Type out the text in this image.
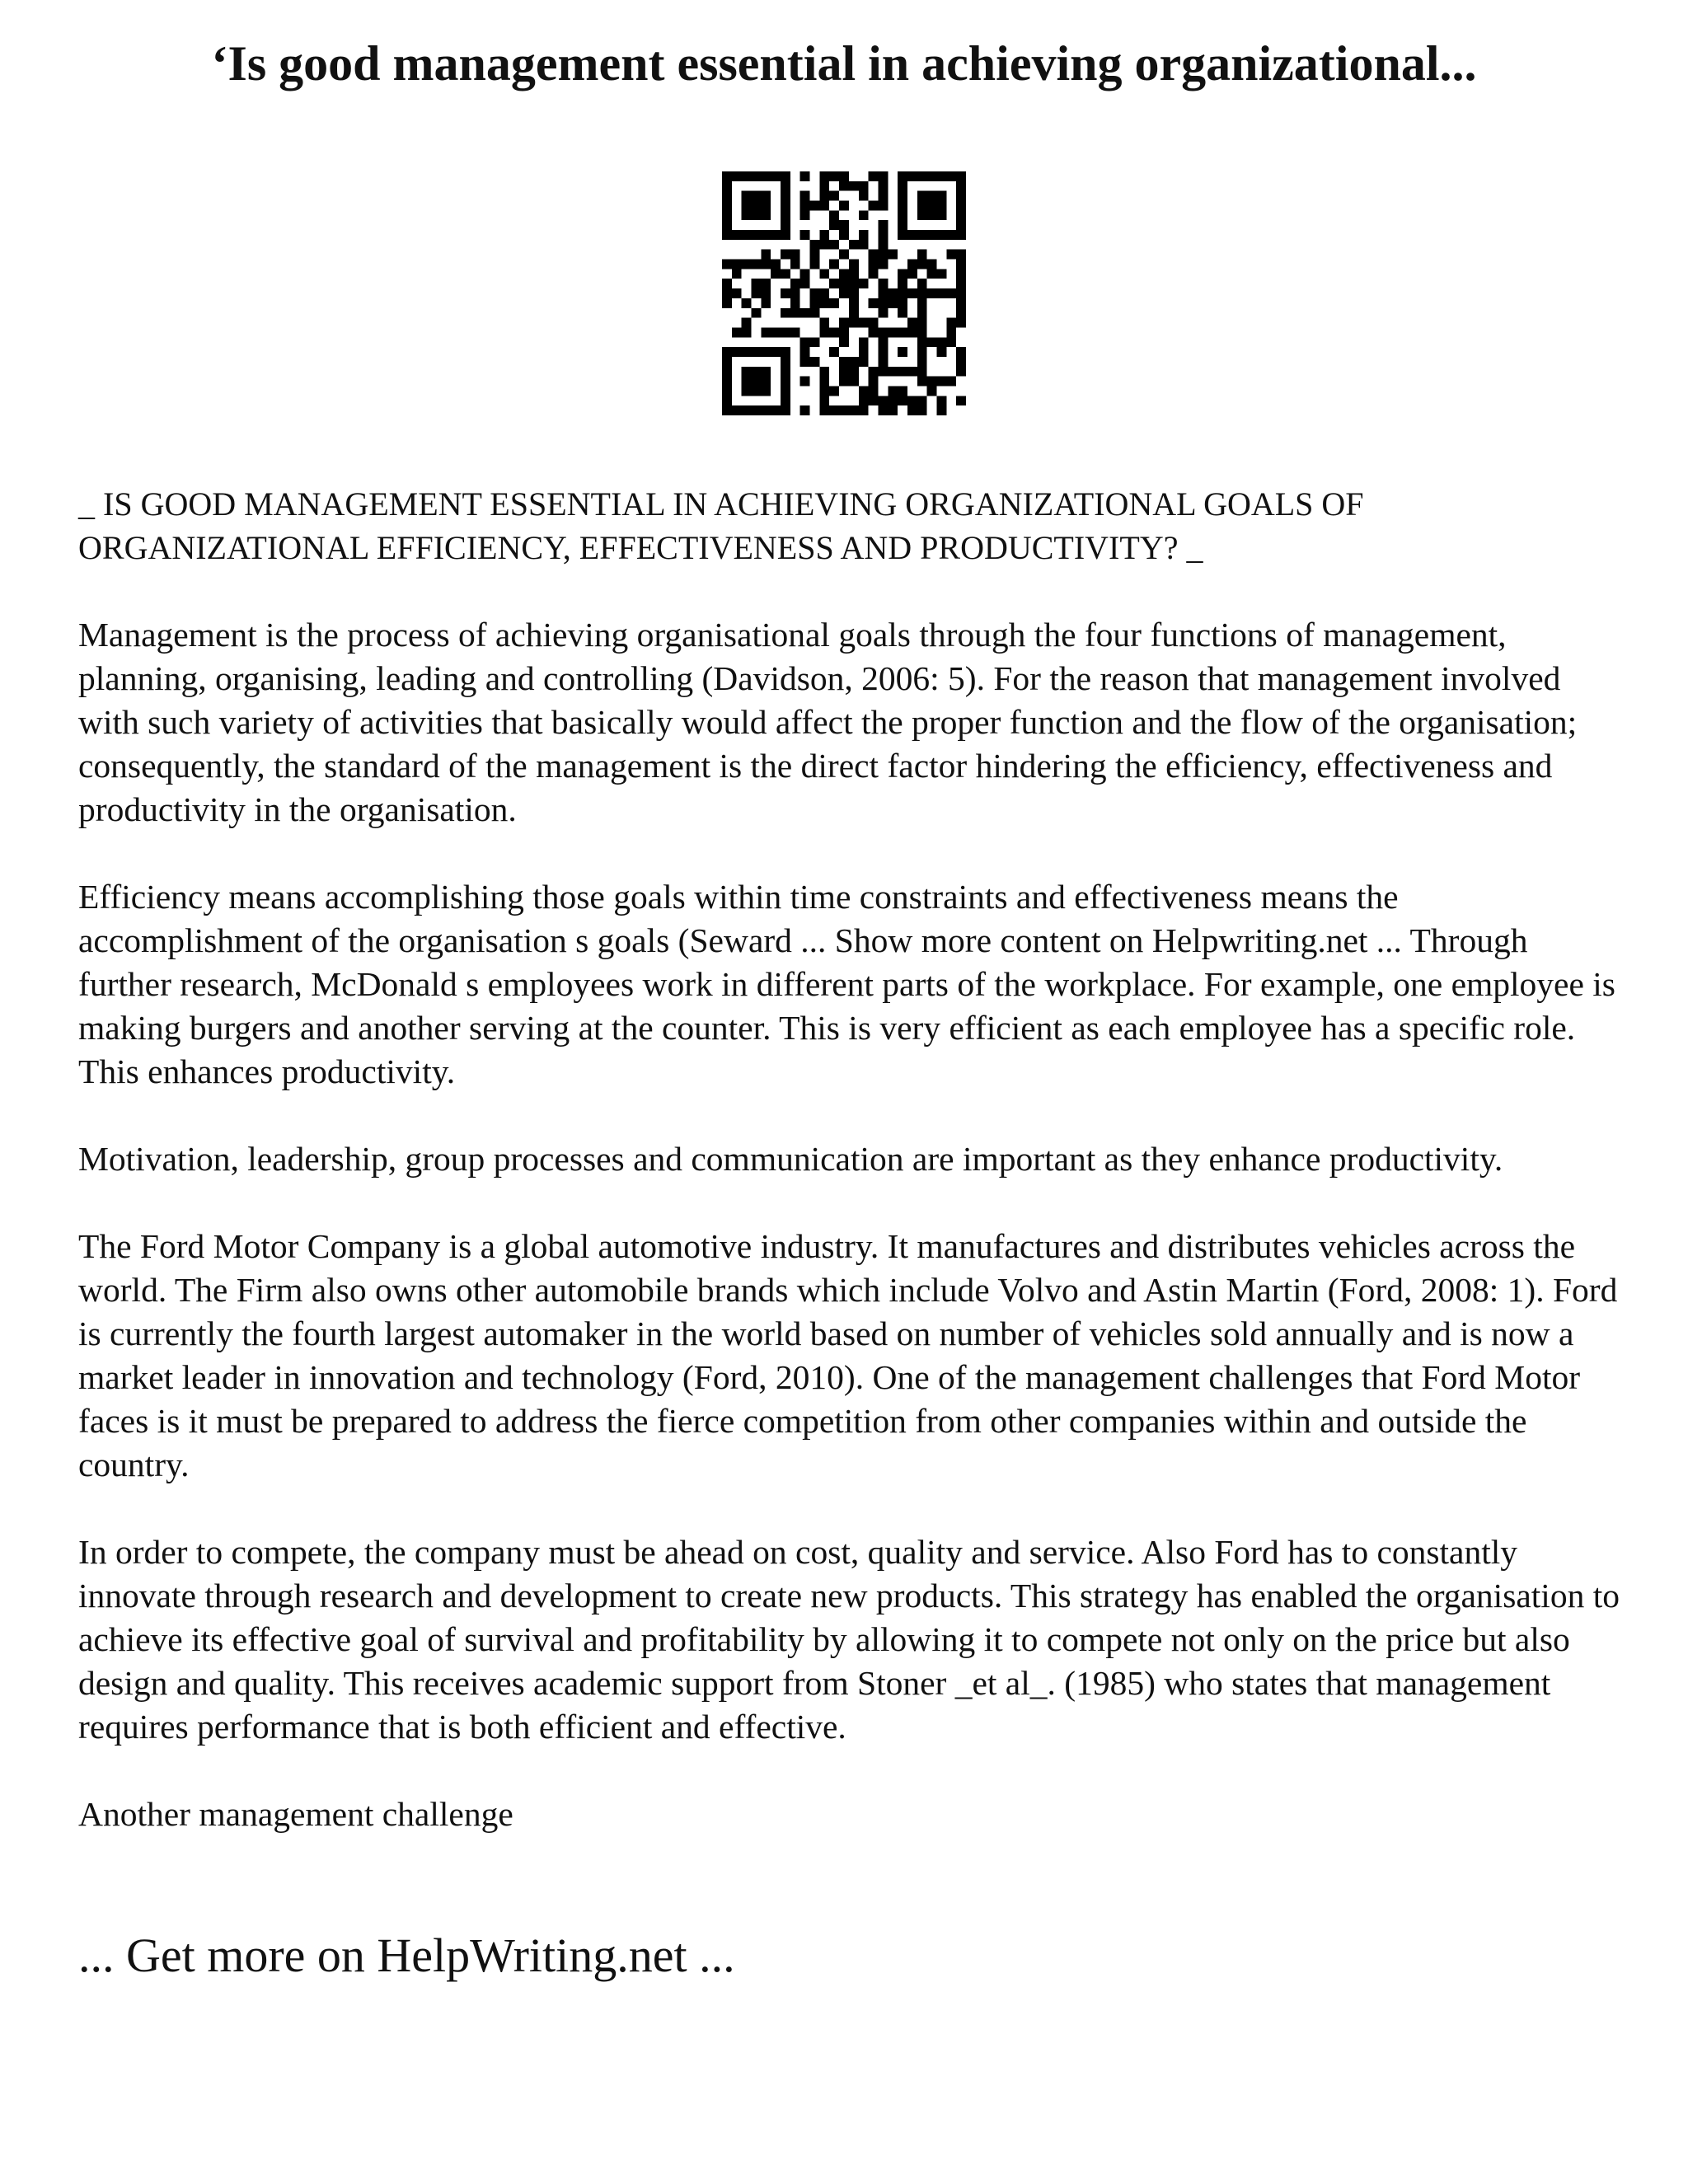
‘Is good management essential in achieving organizational...

_ IS GOOD MANAGEMENT ESSENTIAL IN ACHIEVING ORGANIZATIONAL GOALS OF ORGANIZATIONAL EFFICIENCY, EFFECTIVENESS AND PRODUCTIVITY? _

Management is the process of achieving organisational goals through the four functions of management, planning, organising, leading and controlling (Davidson, 2006: 5). For the reason that management involved with such variety of activities that basically would affect the proper function and the flow of the organisation; consequently, the standard of the management is the direct factor hindering the efficiency, effectiveness and productivity in the organisation.

Efficiency means accomplishing those goals within time constraints and effectiveness means the accomplishment of the organisation s goals (Seward ... Show more content on Helpwriting.net ... Through further research, McDonald s employees work in different parts of the workplace. For example, one employee is making burgers and another serving at the counter. This is very efficient as each employee has a specific role. This enhances productivity.

Motivation, leadership, group processes and communication are important as they enhance productivity.

The Ford Motor Company is a global automotive industry. It manufactures and distributes vehicles across the world. The Firm also owns other automobile brands which include Volvo and Astin Martin (Ford, 2008: 1). Ford is currently the fourth largest automaker in the world based on number of vehicles sold annually and is now a market leader in innovation and technology (Ford, 2010). One of the management challenges that Ford Motor faces is it must be prepared to address the fierce competition from other companies within and outside the country.

In order to compete, the company must be ahead on cost, quality and service. Also Ford has to constantly innovate through research and development to create new products. This strategy has enabled the organisation to achieve its effective goal of survival and profitability by allowing it to compete not only on the price but also design and quality. This receives academic support from Stoner _et al_. (1985) who states that management requires performance that is both efficient and effective.

Another management challenge

... Get more on HelpWriting.net ...
